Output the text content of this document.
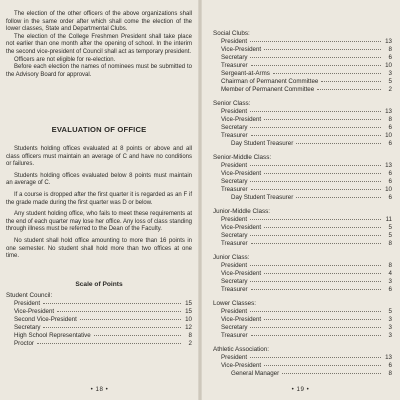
The election of the other officers of the above organizations shall follow in the same order after which shall come the election of the lower classes, State and Departmental Clubs.

The election of the College Freshmen President shall take place not earlier than one month after the opening of school. In the interim the second vice-president of Council shall act as temporary president.

Officers are not eligible for re-election.

Before each election the names of nominees must be submitted to the Advisory Board for approval.

EVALUATION OF OFFICE

Students holding offices evaluated at 8 points or above and all class officers must maintain an average of C and have no conditions or failures.

Students holding offices evaluated below 8 points must maintain an average of C.

If a course is dropped after the first quarter it is regarded as an F if the grade made during the first quarter was D or below.

Any student holding office, who fails to meet these requirements at the end of each quarter may lose her office. Any loss of class standing through illness must be referred to the Dean of the Faculty.

No student shall hold office amounting to more than 16 points in one semester. No student shall hold more than two offices at one time.

Scale of Points
Student Council:
President	15
Vice-President	15
Second Vice-President	10
Secretary	12
High School Representative	8
Proctor	2
• 18 •
Social Clubs:
President	13
Vice-President	8
Secretary	6
Treasurer	10
Sergeant-at-Arms	3
Chairman of Permanent Committee	5
Member of Permanent Committee	2
Senior Class:
President	13
Vice-President	8
Secretary	6
Treasurer	10
Day Student Treasurer	6
Senior-Middle Class:
President	13
Vice-President	6
Secretary	6
Treasurer	10
Day Student Treasurer	6
Junior-Middle Class:
President	11
Vice-President	5
Secretary	5
Treasurer	8
Junior Class:
President	8
Vice-President	4
Secretary	3
Treasurer	6
Lower Classes:
President	5
Vice-President	3
Secretary	3
Treasurer	3
Athletic Association:
President	13
Vice-President	6
General Manager	8
• 19 •
